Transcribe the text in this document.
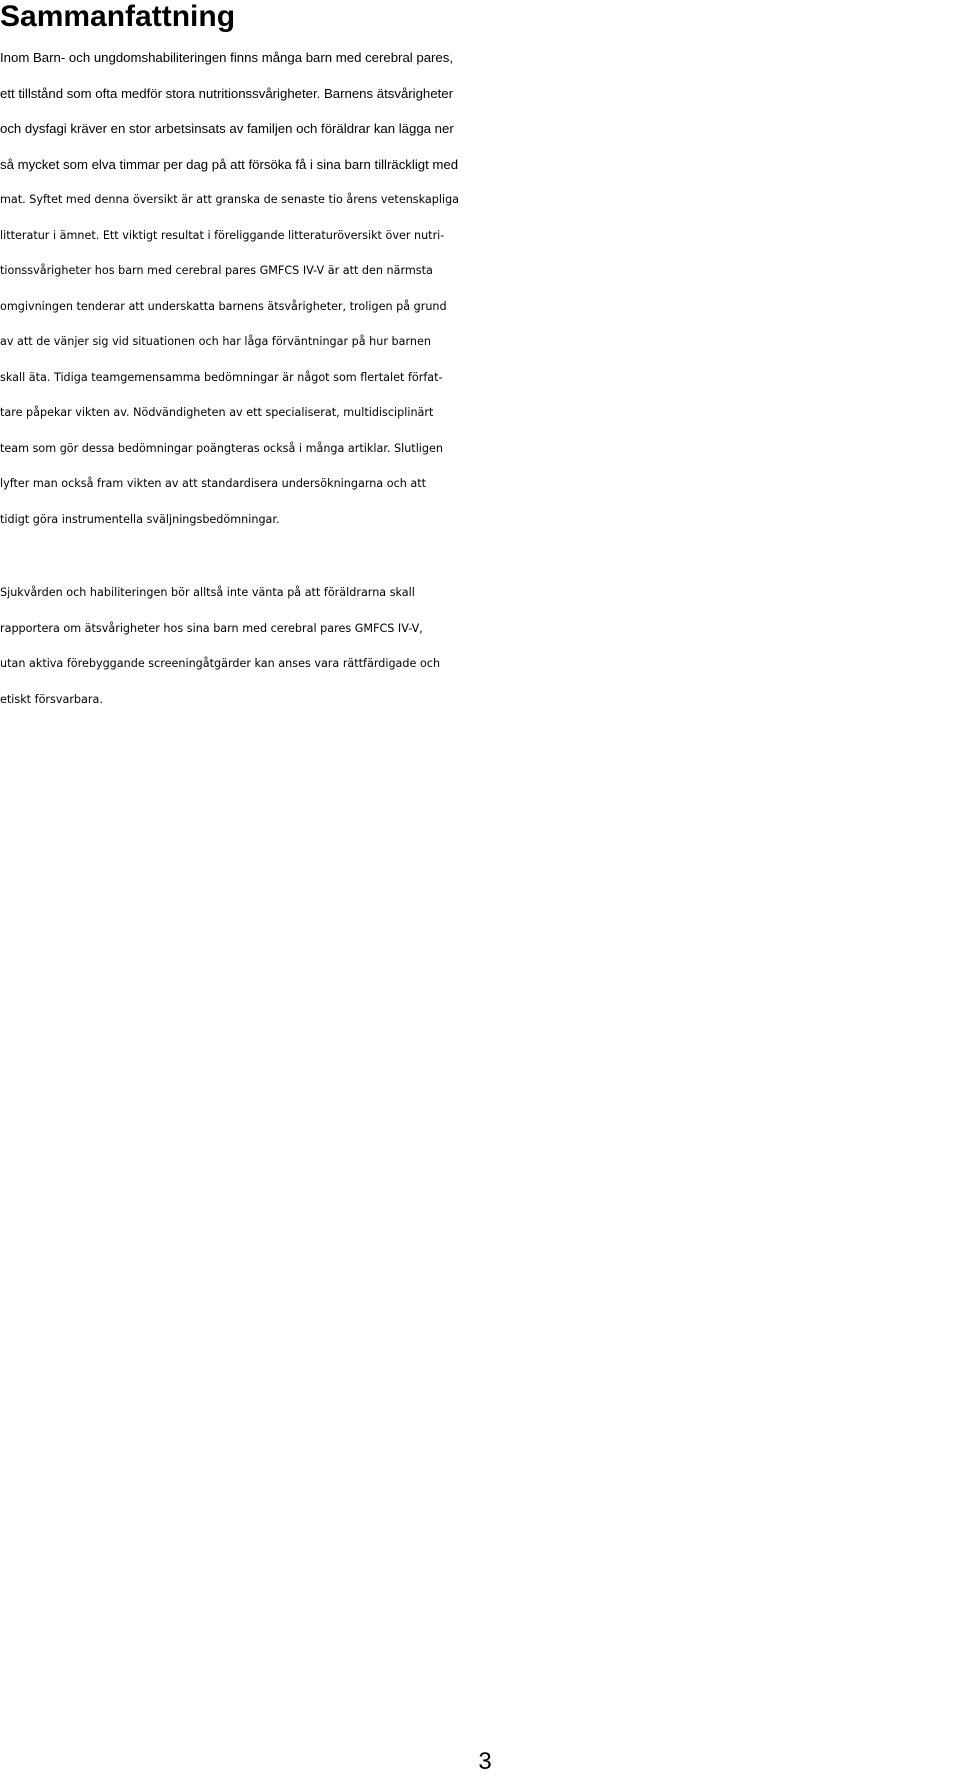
Sammanfattning
Inom Barn- och ungdomshabiliteringen finns många barn med cerebral pares,
ett tillstånd som ofta medför stora nutritionssvårigheter. Barnens ätsvårigheter
och dysfagi kräver en stor arbetsinsats av familjen och föräldrar kan lägga ner
så mycket som elva timmar per dag på att försöka få i sina barn tillräckligt med
mat. Syftet med denna översikt är att granska de senaste tio årens vetenskapliga
litteratur i ämnet. Ett viktigt resultat i föreliggande litteraturöversikt över nutri-
tionssvårigheter hos barn med cerebral pares GMFCS IV-V är att den närmsta
omgivningen tenderar att underskatta barnens ätsvårigheter, troligen på grund
av att de vänjer sig vid situationen och har låga förväntningar på hur barnen
skall äta. Tidiga teamgemensamma bedömningar är något som flertalet förfat-
tare påpekar vikten av. Nödvändigheten av ett specialiserat, multidisciplinärt
team som gör dessa bedömningar poängteras också i många artiklar. Slutligen
lyfter man också fram vikten av att standardisera undersökningarna och att
tidigt göra instrumentella sväljningsbedömningar.
Sjukvården och habiliteringen bör alltså inte vänta på att föräldrarna skall
rapportera om ätsvårigheter hos sina barn med cerebral pares GMFCS IV-V,
utan aktiva förebyggande screeningåtgärder kan anses vara rättfärdigade och
etiskt försvarbara.
3
